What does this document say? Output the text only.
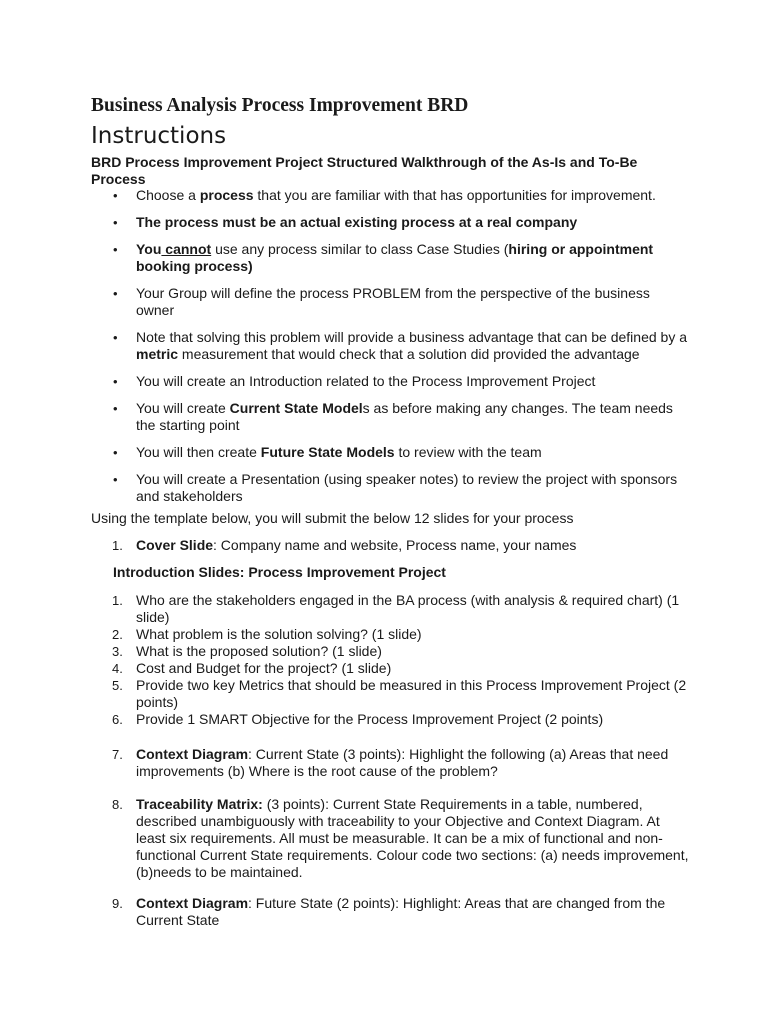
Business Analysis Process Improvement BRD
Instructions

BRD Process Improvement Project Structured Walkthrough of the As-Is and To-Be Process

• Choose a process that you are familiar with that has opportunities for improvement.
• The process must be an actual existing process at a real company
• You cannot use any process similar to class Case Studies (hiring or appointment booking process)
• Your Group will define the process PROBLEM from the perspective of the business owner
• Note that solving this problem will provide a business advantage that can be defined by a metric measurement that would check that a solution did provided the advantage
• You will create an Introduction related to the Process Improvement Project
• You will create Current State Models as before making any changes. The team needs the starting point
• You will then create Future State Models to review with the team
• You will create a Presentation (using speaker notes) to review the project with sponsors and stakeholders

Using the template below, you will submit the below 12 slides for your process

1. Cover Slide: Company name and website, Process name, your names

Introduction Slides: Process Improvement Project

1. Who are the stakeholders engaged in the BA process (with analysis & required chart) (1 slide)
2. What problem is the solution solving? (1 slide)
3. What is the proposed solution? (1 slide)
4. Cost and Budget for the project? (1 slide)
5. Provide two key Metrics that should be measured in this Process Improvement Project (2 points)
6. Provide 1 SMART Objective for the Process Improvement Project (2 points)
7. Context Diagram: Current State (3 points): Highlight the following (a) Areas that need improvements (b) Where is the root cause of the problem?
8. Traceability Matrix: (3 points): Current State Requirements in a table, numbered, described unambiguously with traceability to your Objective and Context Diagram. At least six requirements. All must be measurable. It can be a mix of functional and non-functional Current State requirements. Colour code two sections: (a) needs improvement, (b)needs to be maintained.
9. Context Diagram: Future State (2 points): Highlight: Areas that are changed from the Current State
